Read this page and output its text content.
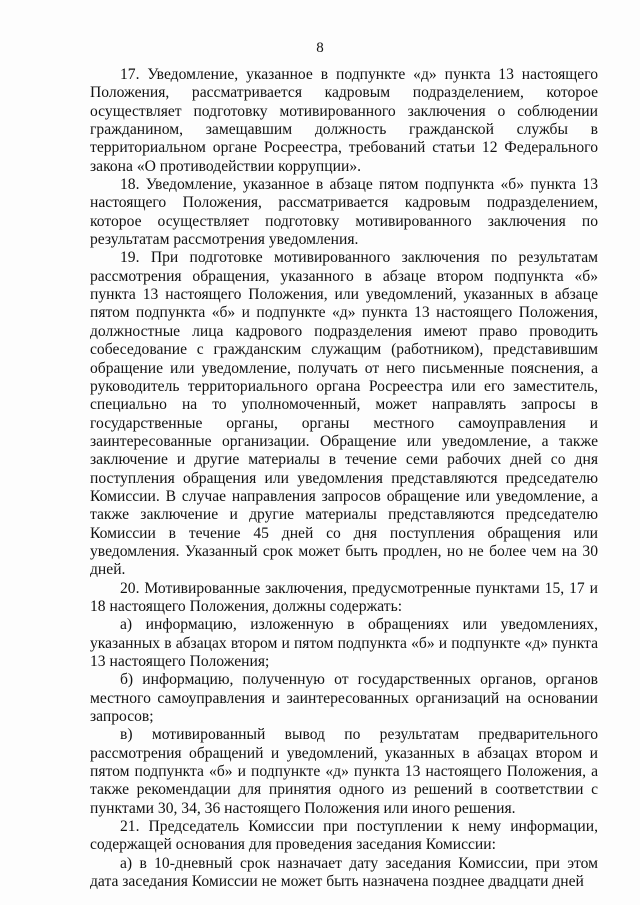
8

17. Уведомление, указанное в подпункте «д» пункта 13 настоящего Положения, рассматривается кадровым подразделением, которое осуществляет подготовку мотивированного заключения о соблюдении гражданином, замещавшим должность гражданской службы в территориальном органе Росреестра, требований статьи 12 Федерального закона «О противодействии коррупции».

18. Уведомление, указанное в абзаце пятом подпункта «б» пункта 13 настоящего Положения, рассматривается кадровым подразделением, которое осуществляет подготовку мотивированного заключения по результатам рассмотрения уведомления.

19. При подготовке мотивированного заключения по результатам рассмотрения обращения, указанного в абзаце втором подпункта «б» пункта 13 настоящего Положения, или уведомлений, указанных в абзаце пятом подпункта «б» и подпункте «д» пункта 13 настоящего Положения, должностные лица кадрового подразделения имеют право проводить собеседование с гражданским служащим (работником), представившим обращение или уведомление, получать от него письменные пояснения, а руководитель территориального органа Росреестра или его заместитель, специально на то уполномоченный, может направлять запросы в государственные органы, органы местного самоуправления и заинтересованные организации. Обращение или уведомление, а также заключение и другие материалы в течение семи рабочих дней со дня поступления обращения или уведомления представляются председателю Комиссии. В случае направления запросов обращение или уведомление, а также заключение и другие материалы представляются председателю Комиссии в течение 45 дней со дня поступления обращения или уведомления. Указанный срок может быть продлен, но не более чем на 30 дней.

20. Мотивированные заключения, предусмотренные пунктами 15, 17 и 18 настоящего Положения, должны содержать:

а) информацию, изложенную в обращениях или уведомлениях, указанных в абзацах втором и пятом подпункта «б» и подпункте «д» пункта 13 настоящего Положения;

б) информацию, полученную от государственных органов, органов местного самоуправления и заинтересованных организаций на основании запросов;

в) мотивированный вывод по результатам предварительного рассмотрения обращений и уведомлений, указанных в абзацах втором и пятом подпункта «б» и подпункте «д» пункта 13 настоящего Положения, а также рекомендации для принятия одного из решений в соответствии с пунктами 30, 34, 36 настоящего Положения или иного решения.

21. Председатель Комиссии при поступлении к нему информации, содержащей основания для проведения заседания Комиссии:

а) в 10-дневный срок назначает дату заседания Комиссии, при этом дата заседания Комиссии не может быть назначена позднее двадцати дней
